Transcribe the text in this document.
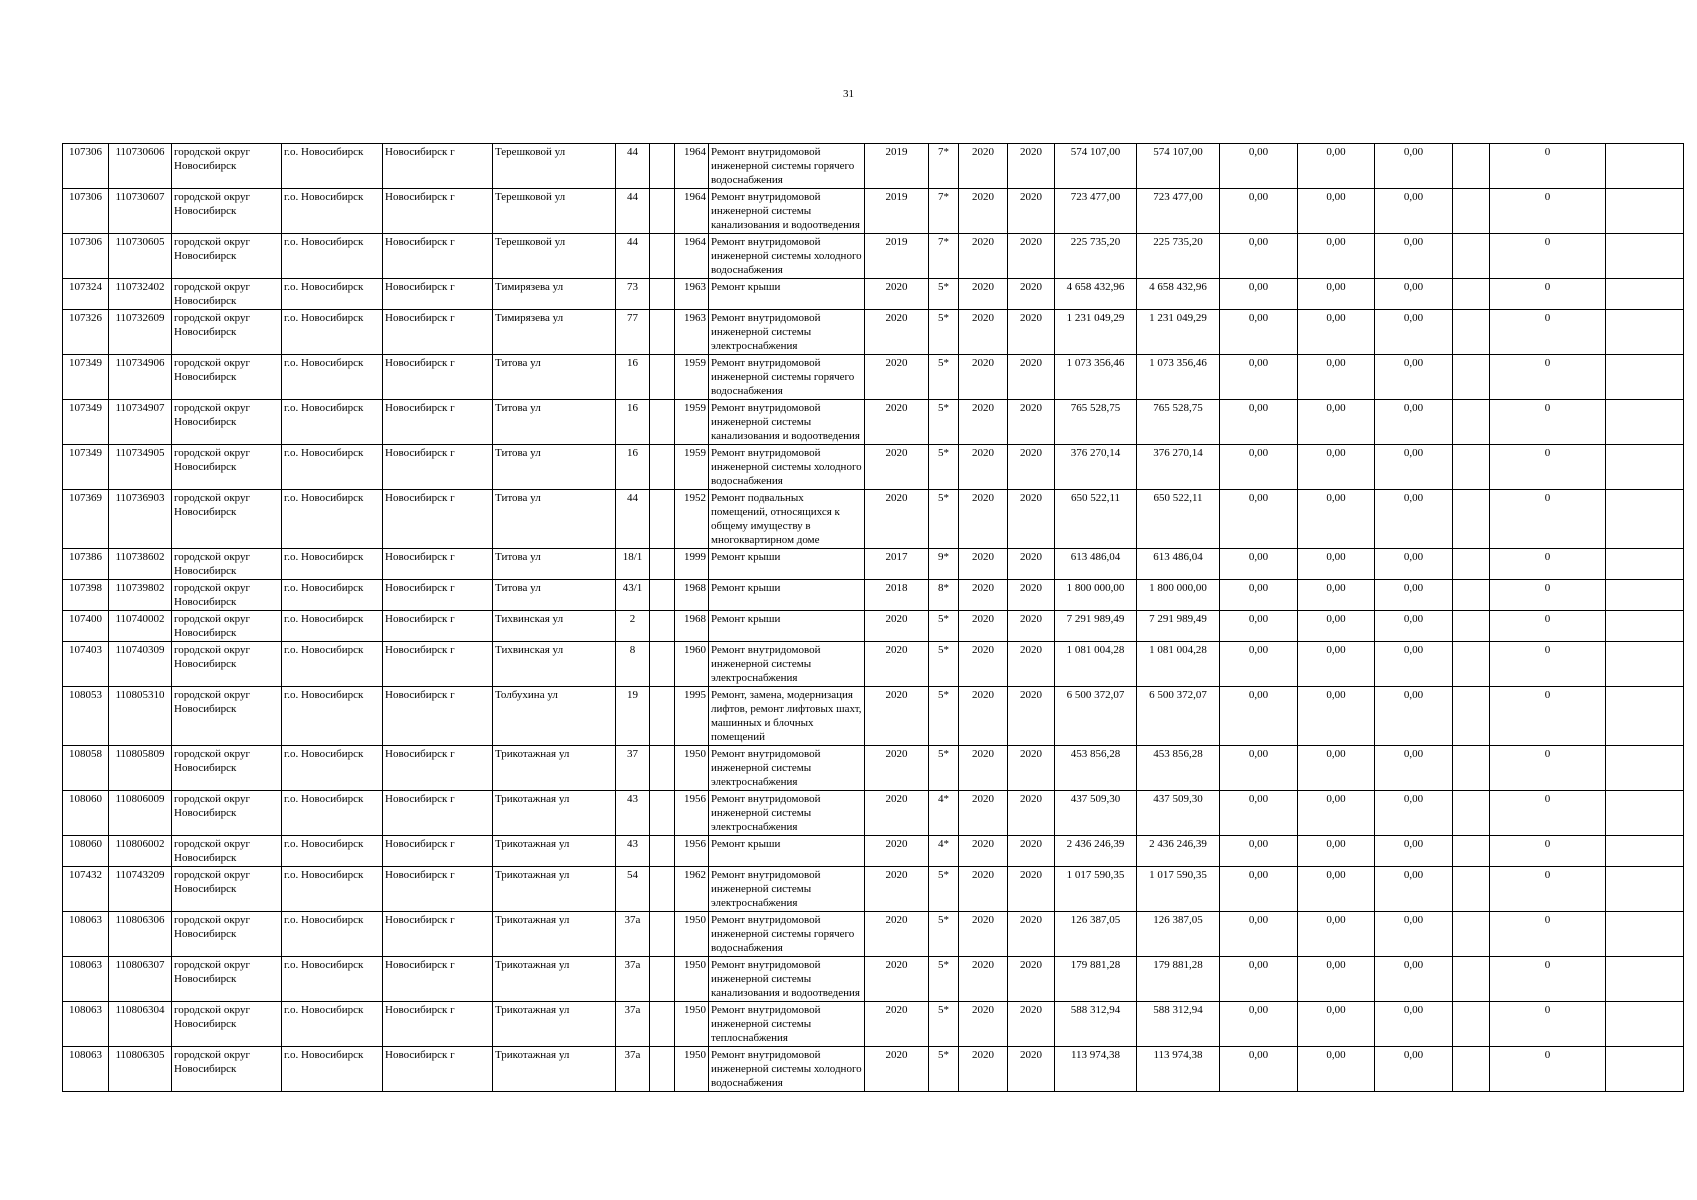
31
107306	110730606	городской округ Новосибирск	г.о. Новосибирск	Новосибирск г	Терешковой ул	44		1964	Ремонт внутридомовой инженерной системы горячего водоснабжения	2019	7*	2020	2020	574 107,00	574 107,00	0,00	0,00	0,00		0	
107306	110730607	городской округ Новосибирск	г.о. Новосибирск	Новосибирск г	Терешковой ул	44		1964	Ремонт внутридомовой инженерной системы канализования и водоотведения	2019	7*	2020	2020	723 477,00	723 477,00	0,00	0,00	0,00		0	
107306	110730605	городской округ Новосибирск	г.о. Новосибирск	Новосибирск г	Терешковой ул	44		1964	Ремонт внутридомовой инженерной системы холодного водоснабжения	2019	7*	2020	2020	225 735,20	225 735,20	0,00	0,00	0,00		0	
107324	110732402	городской округ Новосибирск	г.о. Новосибирск	Новосибирск г	Тимирязева ул	73		1963	Ремонт крыши	2020	5*	2020	2020	4 658 432,96	4 658 432,96	0,00	0,00	0,00		0	
107326	110732609	городской округ Новосибирск	г.о. Новосибирск	Новосибирск г	Тимирязева ул	77		1963	Ремонт внутридомовой инженерной системы электроснабжения	2020	5*	2020	2020	1 231 049,29	1 231 049,29	0,00	0,00	0,00		0	
107349	110734906	городской округ Новосибирск	г.о. Новосибирск	Новосибирск г	Титова ул	16		1959	Ремонт внутридомовой инженерной системы горячего водоснабжения	2020	5*	2020	2020	1 073 356,46	1 073 356,46	0,00	0,00	0,00		0	
107349	110734907	городской округ Новосибирск	г.о. Новосибирск	Новосибирск г	Титова ул	16		1959	Ремонт внутридомовой инженерной системы канализования и водоотведения	2020	5*	2020	2020	765 528,75	765 528,75	0,00	0,00	0,00		0	
107349	110734905	городской округ Новосибирск	г.о. Новосибирск	Новосибирск г	Титова ул	16		1959	Ремонт внутридомовой инженерной системы холодного водоснабжения	2020	5*	2020	2020	376 270,14	376 270,14	0,00	0,00	0,00		0	
107369	110736903	городской округ Новосибирск	г.о. Новосибирск	Новосибирск г	Титова ул	44		1952	Ремонт подвальных помещений, относящихся к общему имуществу в многоквартирном доме	2020	5*	2020	2020	650 522,11	650 522,11	0,00	0,00	0,00		0	
107386	110738602	городской округ Новосибирск	г.о. Новосибирск	Новосибирск г	Титова ул	18/1		1999	Ремонт крыши	2017	9*	2020	2020	613 486,04	613 486,04	0,00	0,00	0,00		0	
107398	110739802	городской округ Новосибирск	г.о. Новосибирск	Новосибирск г	Титова ул	43/1		1968	Ремонт крыши	2018	8*	2020	2020	1 800 000,00	1 800 000,00	0,00	0,00	0,00		0	
107400	110740002	городской округ Новосибирск	г.о. Новосибирск	Новосибирск г	Тихвинская ул	2		1968	Ремонт крыши	2020	5*	2020	2020	7 291 989,49	7 291 989,49	0,00	0,00	0,00		0	
107403	110740309	городской округ Новосибирск	г.о. Новосибирск	Новосибирск г	Тихвинская ул	8		1960	Ремонт внутридомовой инженерной системы электроснабжения	2020	5*	2020	2020	1 081 004,28	1 081 004,28	0,00	0,00	0,00		0	
108053	110805310	городской округ Новосибирск	г.о. Новосибирск	Новосибирск г	Толбухина ул	19		1995	Ремонт, замена, модернизация лифтов, ремонт лифтовых шахт, машинных и блочных помещений	2020	5*	2020	2020	6 500 372,07	6 500 372,07	0,00	0,00	0,00		0	
108058	110805809	городской округ Новосибирск	г.о. Новосибирск	Новосибирск г	Трикотажная ул	37		1950	Ремонт внутридомовой инженерной системы электроснабжения	2020	5*	2020	2020	453 856,28	453 856,28	0,00	0,00	0,00		0	
108060	110806009	городской округ Новосибирск	г.о. Новосибирск	Новосибирск г	Трикотажная ул	43		1956	Ремонт внутридомовой инженерной системы электроснабжения	2020	4*	2020	2020	437 509,30	437 509,30	0,00	0,00	0,00		0	
108060	110806002	городской округ Новосибирск	г.о. Новосибирск	Новосибирск г	Трикотажная ул	43		1956	Ремонт крыши	2020	4*	2020	2020	2 436 246,39	2 436 246,39	0,00	0,00	0,00		0	
107432	110743209	городской округ Новосибирск	г.о. Новосибирск	Новосибирск г	Трикотажная ул	54		1962	Ремонт внутридомовой инженерной системы электроснабжения	2020	5*	2020	2020	1 017 590,35	1 017 590,35	0,00	0,00	0,00		0	
108063	110806306	городской округ Новосибирск	г.о. Новосибирск	Новосибирск г	Трикотажная ул	37а		1950	Ремонт внутридомовой инженерной системы горячего водоснабжения	2020	5*	2020	2020	126 387,05	126 387,05	0,00	0,00	0,00		0	
108063	110806307	городской округ Новосибирск	г.о. Новосибирск	Новосибирск г	Трикотажная ул	37а		1950	Ремонт внутридомовой инженерной системы канализования и водоотведения	2020	5*	2020	2020	179 881,28	179 881,28	0,00	0,00	0,00		0	
108063	110806304	городской округ Новосибирск	г.о. Новосибирск	Новосибирск г	Трикотажная ул	37а		1950	Ремонт внутридомовой инженерной системы теплоснабжения	2020	5*	2020	2020	588 312,94	588 312,94	0,00	0,00	0,00		0	
108063	110806305	городской округ Новосибирск	г.о. Новосибирск	Новосибирск г	Трикотажная ул	37а		1950	Ремонт внутридомовой инженерной системы холодного водоснабжения	2020	5*	2020	2020	113 974,38	113 974,38	0,00	0,00	0,00		0	
